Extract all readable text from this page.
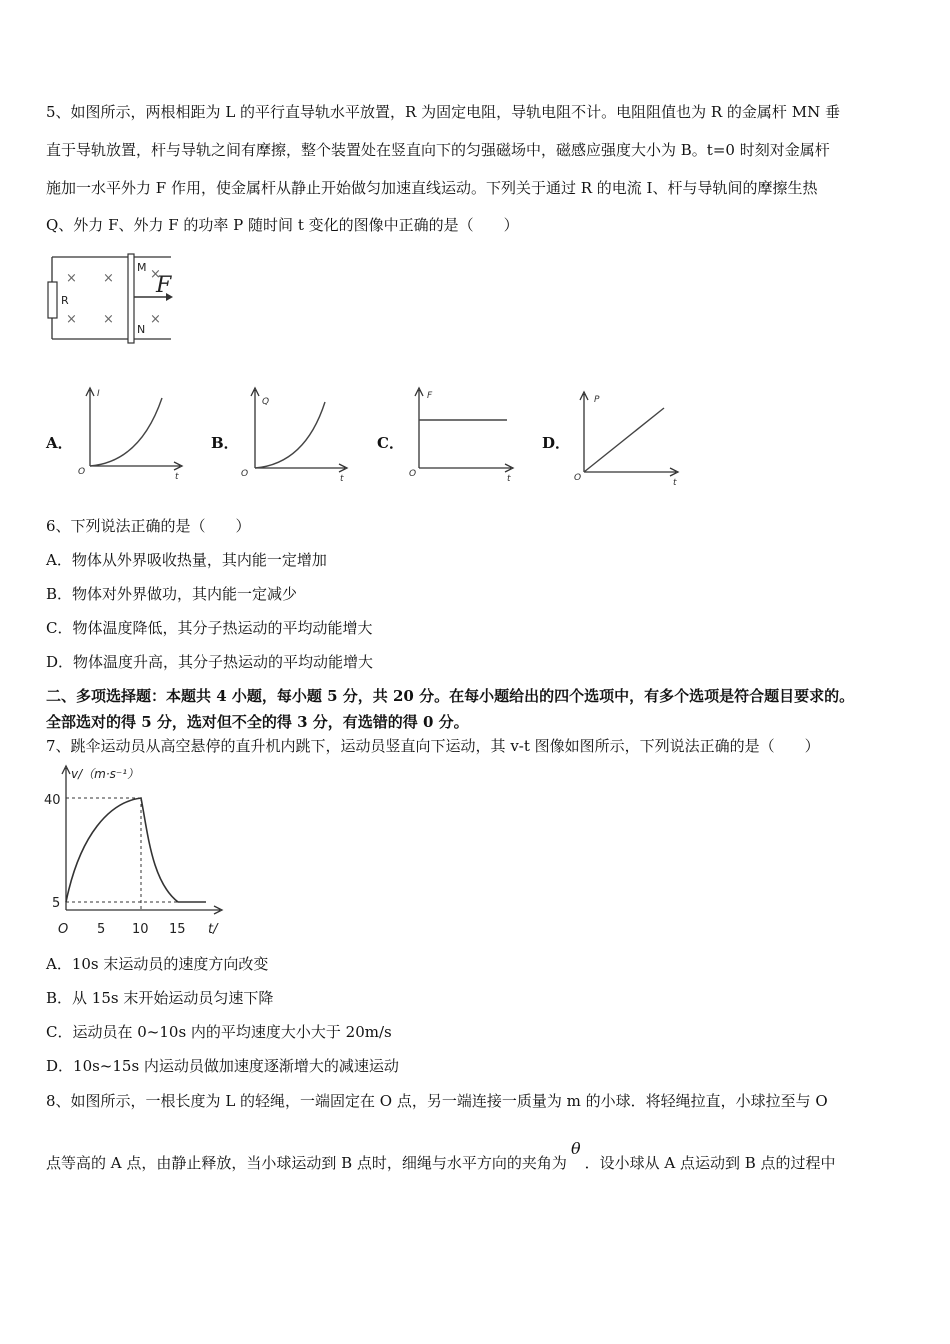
5、如图所示，两根相距为 L 的平行直导轨水平放置，R 为固定电阻，导轨电阻不计。电阻阻值也为 R 的金属杆 MN 垂
直于导轨放置，杆与导轨之间有摩擦，整个装置处在竖直向下的匀强磁场中，磁感应强度大小为 B。t=0 时刻对金属杆
施加一水平外力 F 作用，使金属杆从静止开始做匀加速直线运动。下列关于通过 R 的电流 I、杆与导轨间的摩擦生热
Q、外力 F、外力 F 的功率 P 随时间 t 变化的图像中正确的是（　　）
R
M
N
F
× ×
× ×
×
×
A．
I
t
O
B．
Q
t
O
C．
F
t
O
D．
P
t
O
6、下列说法正确的是（　　）
A．物体从外界吸收热量，其内能一定增加
B．物体对外界做功，其内能一定减少
C．物体温度降低，其分子热运动的平均动能增大
D．物体温度升高，其分子热运动的平均动能增大
二、多项选择题：本题共 4 小题，每小题 5 分，共 20 分。在每小题给出的四个选项中，有多个选项是符合题目要求的。
全部选对的得 5 分，选对但不全的得 3 分，有选错的得 0 分。
7、跳伞运动员从高空悬停的直升机内跳下，运动员竖直向下运动，其 v-t 图像如图所示，下列说法正确的是（　　）
v/（m·s⁻¹）
40
5
O 5 10 15 t/
A．10s 末运动员的速度方向改变
B．从 15s 末开始运动员匀速下降
C．运动员在 0~10s 内的平均速度大小大于 20m/s
D．10s~15s 内运动员做加速度逐渐增大的减速运动
8、如图所示，一根长度为 L 的轻绳，一端固定在 O 点，另一端连接一质量为 m 的小球．将轻绳拉直，小球拉至与 O
点等高的 A 点，由静止释放，当小球运动到 B 点时，细绳与水平方向的夹角为θ．设小球从 A 点运动到 B 点的过程中
